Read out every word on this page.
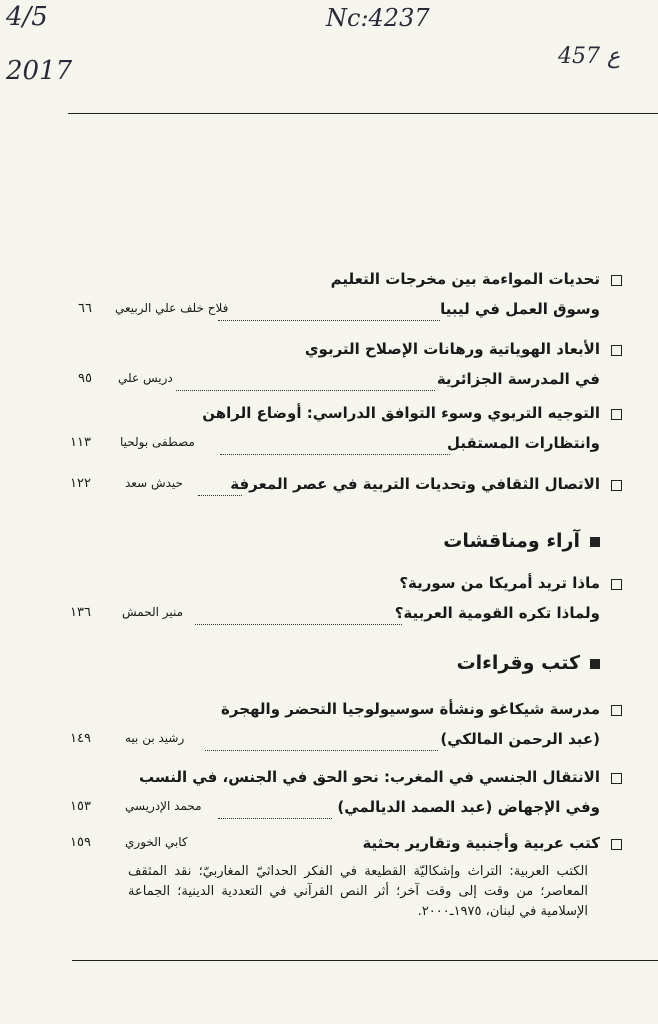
4/5
2017
Nc:4237
457 ع
تحديات المواءمة بين مخرجات التعليم
وسوق العمل في ليبيا
فلاح خلف علي الربيعي
٦٦
الأبعاد الهوياتية ورهانات الإصلاح التربوي
في المدرسة الجزائرية
دريس علي
٩٥
التوجيه التربوي وسوء التوافق الدراسي: أوضاع الراهن
وانتظارات المستقبل
مصطفى بولحيا
١١٣
الاتصال الثقافي وتحديات التربية في عصر المعرفة
حيدش سعد
١٢٢
آراء ومناقشات
ماذا تريد أمريكا من سورية؟
ولماذا تكره القومية العربية؟
منير الحمش
١٣٦
كتب وقراءات
مدرسة شيكاغو ونشأة سوسيولوجيا التحضر والهجرة
(عبد الرحمن المالكي)
رشيد بن بيه
١٤٩
الانتقال الجنسي في المغرب: نحو الحق في الجنس، في النسب
وفي الإجهاض (عبد الصمد الديالمي)
محمد الإدريسي
١٥٣
كتب عربية وأجنبية وتقارير بحثية
كابي الخوري
١٥٩
الكتب العربية: التراث وإشكاليّة القطيعة في الفكر الحداثيّ المغاربيّ؛ نقد المثقف المعاصر؛ من وقت إلى وقت آخر؛ أثر النص القرآني في التعددية الدينية؛ الجماعة الإسلامية في لبنان، ١٩٧٥ـ٢٠٠٠.
